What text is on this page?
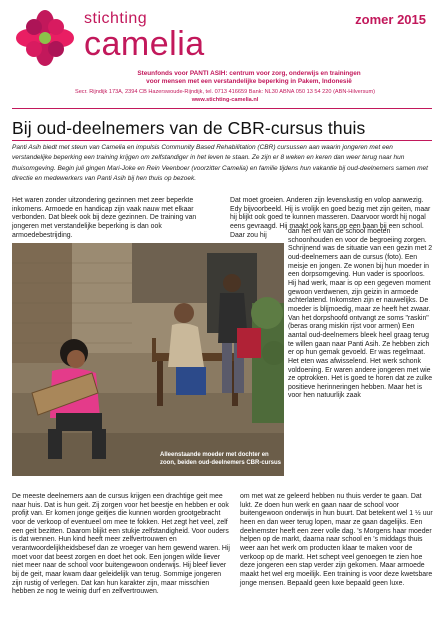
stichting
camelia
zomer 2015
Steunfonds voor PANTI ASIH: centrum voor zorg, onderwijs en trainingen
voor mensen met een verstandelijke beperking in Pakem, Indonesië
Secr. Rijndijk 173A, 2394 CB Hazerswoude-Rijndijk, tel. 0713 416659 Bank: NL30 ABNA 050 13 54 220 (ABN-Hilversum)
www.stichting-camelia.nl
Bij oud-deelnemers van de CBR-cursus thuis
Panti Asih biedt met steun van Camelia en impulsis Community Based Rehabilitation (CBR) cursussen aan waarin jongeren met een verstandelijke beperking een training krijgen om zelfstandiger in het leven te staan. Ze zijn er 8 weken en keren dan weer terug naar hun thuisomgeving. Begin juli gingen Mari-Joke en Rein Veenboer (voorzitter Camelia) en familie tijdens hun vakantie bij oud-deelnemers samen met directie en medewerkers van Panti Asih bij hen thuis op bezoek.

Het waren zonder uitzondering gezinnen met zeer beperkte inkomens. Armoede en handicap zijn vaak nauw met elkaar verbonden. Dat bleek ook bij deze gezinnen. De training van jongeren met verstandelijke beperking is dan ook armoedebestrijding.

Dat moet groeien. Anderen zijn levenslustig en volop aanwezig. Edy bijvoorbeeld. Hij is vrolijk en goed bezig met zijn geiten, maar hij blijkt ook goed te kunnen masseren. Daarvoor wordt hij nogal eens gevraagd. Hij maakt ook kans op een baan bij een school. Daar zou hij

dan het erf van de school moeten schoonhouden en voor de begroeiing zorgen. Schrijnend was de situatie van een gezin met 2 oud-deelnemers aan de cursus (foto). Een meisje en jongen. Ze wonen bij hun moeder in een dorpsomgeving. Hun vader is spoorloos. Hij had werk, maar is op een gegeven moment gewoon verdwenen, zijn geizin in armoede achterlatend. Inkomsten zijn er nauwelijks. De moeder is blijmoedig, maar ze heeft het zwaar. Van het dorpshoofd ontvangt ze soms "raskin" (beras orang miskin rijst voor armen) Een aantal oud-deelnemers bleek heel graag terug te willen gaan naar Panti Asih. Ze hebben zich er op hun gemak gevoeld. Er was regelmaat. Het eten was afwisselend. Het werk schonk voldoening. Er waren andere jongeren met wie ze optrokken. Het is goed te horen dat ze zulke positieve herinneringen hebben. Maar het is voor hen natuurlijk zaak

Alleenstaande moeder met dochter en zoon, beiden oud-deelnemers CBR-cursus

De meeste deelnemers aan de cursus krijgen een drachtige geit mee naar huis. Dat is hun geit. Zij zorgen voor het beestje en hebben er ook profijt van. Er komen jonge geitjes die kunnen worden grootgebracht voor de verkoop of eventueel om mee te fokken. Het zegt het veel, zelf een geit bezitten. Daarom blijkt een stukje zelfstandigheid. Voor ouders is dat wennen. Hun kind heeft meer zelfvertrouwen en verantwoordelijkheidsbesef dan ze vroeger van hem gewend waren. Hij moet voor dat beest zorgen en doet het ook. Een jongen wilde liever niet meer naar de school voor buitengewoon onderwijs. Hij bleef liever bij de geit, maar kwam daar geleidelijk van terug. Sommige jongeren zijn rustig of verlegen. Dat kan hun karakter zijn, maar misschien hebben ze nog te weinig durf en zelfvertrouwen.

om met wat ze geleerd hebben nu thuis verder te gaan. Dat lukt. Ze doen hun werk en gaan naar de school voor buitengewoon onderwijs in hun buurt. Dat betekent wel 1 ½ uur heen en dan weer terug lopen, maar ze gaan dagelijks. Een deelnemster heeft een zeer volle dag. 's Morgens haar moeder helpen op de markt, daarna naar school en 's middags thuis weer aan het werk om producten klaar te maken voor de verkoop op de markt. Het schept veel genoegen te zien hoe deze jongeren een stap verder zijn gekomen. Maar armoede maakt het wel erg moeilijk. Een training is voor deze kwetsbare jonge mensen. Bepaald geen luxe bepaald geen luxe.
